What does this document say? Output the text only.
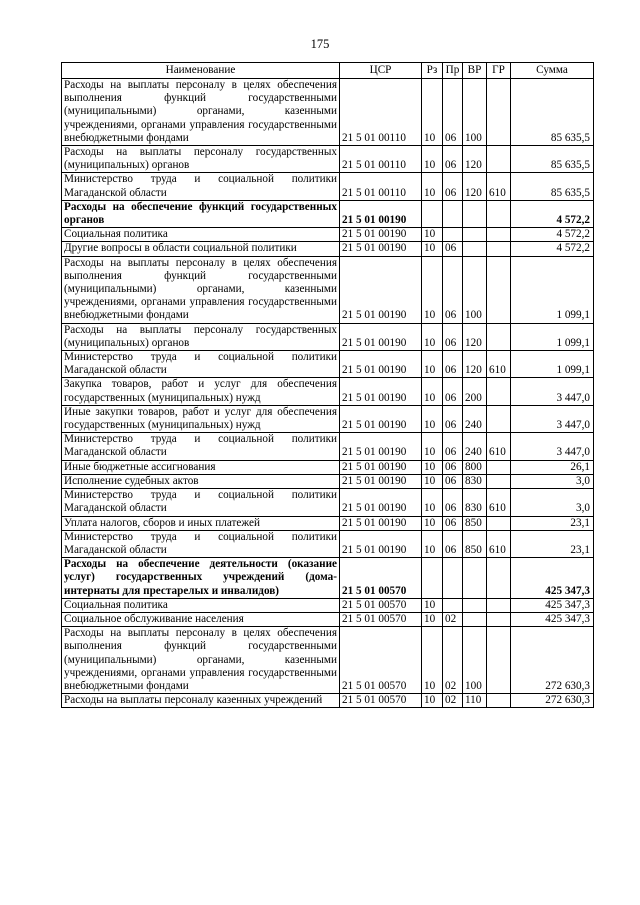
175
Наименование	ЦСР	Рз	Пр	ВР	ГР	Сумма
Расходы на выплаты персоналу в целях обеспечения выполнения функций государственными (муниципальными) органами, казенными учреждениями, органами управления государственными внебюджетными фондами	21 5 01 00110	10	06	100		85 635,5
Расходы на выплаты персоналу государственных (муниципальных) органов	21 5 01 00110	10	06	120		85 635,5
Министерство труда и социальной политики Магаданской области	21 5 01 00110	10	06	120	610	85 635,5
Расходы на обеспечение функций государственных органов	21 5 01 00190					4 572,2
Социальная политика	21 5 01 00190	10				4 572,2
Другие вопросы в области социальной политики	21 5 01 00190	10	06			4 572,2
Расходы на выплаты персоналу в целях обеспечения выполнения функций государственными (муниципальными) органами, казенными учреждениями, органами управления государственными внебюджетными фондами	21 5 01 00190	10	06	100		1 099,1
Расходы на выплаты персоналу государственных (муниципальных) органов	21 5 01 00190	10	06	120		1 099,1
Министерство труда и социальной политики Магаданской области	21 5 01 00190	10	06	120	610	1 099,1
Закупка товаров, работ и услуг для обеспечения государственных (муниципальных) нужд	21 5 01 00190	10	06	200		3 447,0
Иные закупки товаров, работ и услуг для обеспечения государственных (муниципальных) нужд	21 5 01 00190	10	06	240		3 447,0
Министерство труда и социальной политики Магаданской области	21 5 01 00190	10	06	240	610	3 447,0
Иные бюджетные ассигнования	21 5 01 00190	10	06	800		26,1
Исполнение судебных актов	21 5 01 00190	10	06	830		3,0
Министерство труда и социальной политики Магаданской области	21 5 01 00190	10	06	830	610	3,0
Уплата налогов, сборов и иных платежей	21 5 01 00190	10	06	850		23,1
Министерство труда и социальной политики Магаданской области	21 5 01 00190	10	06	850	610	23,1
Расходы на обеспечение деятельности (оказание услуг) государственных учреждений (дома-интернаты для престарелых и инвалидов)	21 5 01 00570					425 347,3
Социальная политика	21 5 01 00570	10				425 347,3
Социальное обслуживание населения	21 5 01 00570	10	02			425 347,3
Расходы на выплаты персоналу в целях обеспечения выполнения функций государственными (муниципальными) органами, казенными учреждениями, органами управления государственными внебюджетными фондами	21 5 01 00570	10	02	100		272 630,3
Расходы на выплаты персоналу казенных учреждений	21 5 01 00570	10	02	110		272 630,3
